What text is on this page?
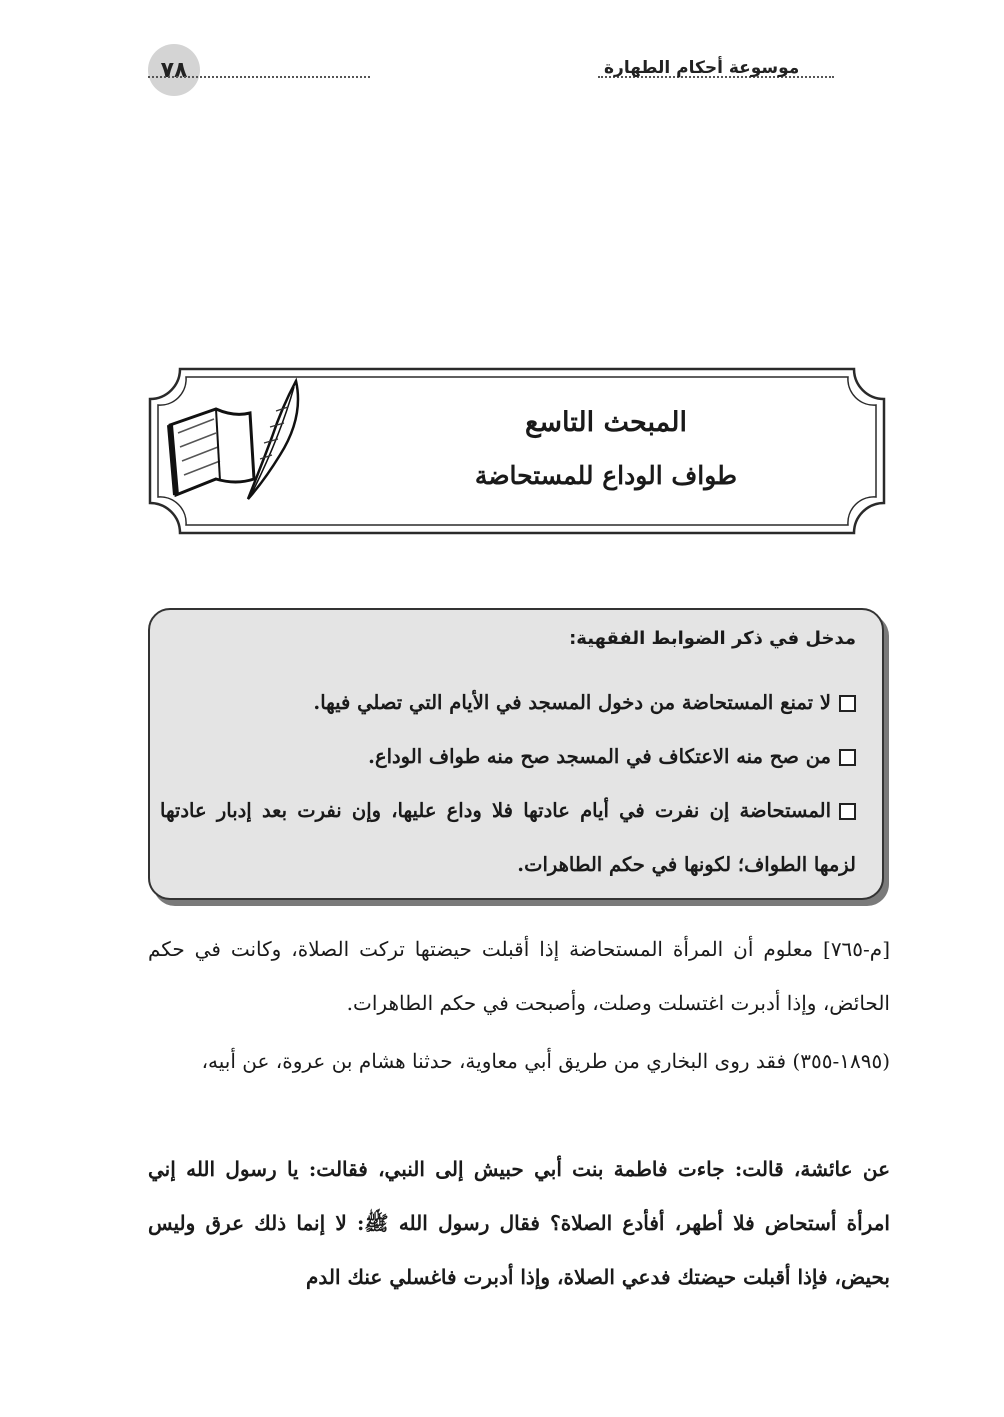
٧٨	موسوعة أحكام الطهارة
المبحث التاسع
طواف الوداع للمستحاضة
مدخل في ذكر الضوابط الفقهية:
لا تمنع المستحاضة من دخول المسجد في الأيام التي تصلي فيها.
من صح منه الاعتكاف في المسجد صح منه طواف الوداع.
المستحاضة إن نفرت في أيام عادتها فلا وداع عليها، وإن نفرت بعد إدبار عادتها لزمها الطواف؛ لكونها في حكم الطاهرات.
[م-٧٦٥] معلوم أن المرأة المستحاضة إذا أقبلت حيضتها تركت الصلاة، وكانت في حكم الحائض، وإذا أدبرت اغتسلت وصلت، وأصبحت في حكم الطاهرات.
(١٨٩٥-٣٥٥) فقد روى البخاري من طريق أبي معاوية، حدثنا هشام بن عروة، عن أبيه،
عن عائشة، قالت: جاءت فاطمة بنت أبي حبيش إلى النبي، فقالت: يا رسول الله إني امرأة أستحاض فلا أطهر، أفأدع الصلاة؟ فقال رسول الله ﷺ: لا إنما ذلك عرق وليس بحيض، فإذا أقبلت حيضتك فدعي الصلاة، وإذا أدبرت فاغسلي عنك الدم
